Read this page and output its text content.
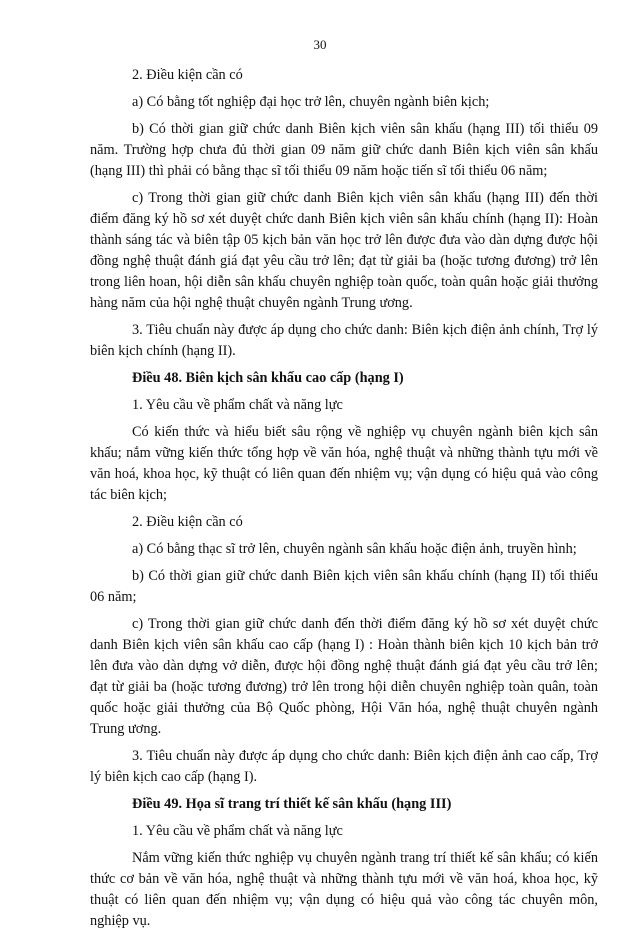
30

2. Điều kiện cần có

a) Có bằng tốt nghiệp đại học trở lên, chuyên ngành biên kịch;

b) Có thời gian giữ chức danh Biên kịch viên sân khấu (hạng III) tối thiểu 09 năm. Trường hợp chưa đủ thời gian 09 năm giữ chức danh Biên kịch viên sân khấu (hạng III) thì phải có bằng thạc sĩ tối thiểu 09 năm hoặc tiến sĩ tối thiểu 06 năm;

c) Trong thời gian giữ chức danh Biên kịch viên sân khấu (hạng III) đến thời điểm đăng ký hồ sơ xét duyệt chức danh Biên kịch viên sân khấu chính (hạng II): Hoàn thành sáng tác và biên tập 05 kịch bản văn học trở lên được đưa vào dàn dựng được hội đồng nghệ thuật đánh giá đạt yêu cầu trở lên; đạt từ giải ba (hoặc tương đương) trở lên trong liên hoan, hội diễn sân khấu chuyên nghiệp toàn quốc, toàn quân hoặc giải thưởng hàng năm của hội nghệ thuật chuyên ngành Trung ương.

3. Tiêu chuẩn này được áp dụng cho chức danh: Biên kịch điện ảnh chính, Trợ lý biên kịch chính (hạng II).

Điều 48. Biên kịch sân khấu cao cấp (hạng I)

1. Yêu cầu về phẩm chất và năng lực

Có kiến thức và hiểu biết sâu rộng về nghiệp vụ chuyên ngành biên kịch sân khấu; nắm vững kiến thức tổng hợp về văn hóa, nghệ thuật và những thành tựu mới về văn hoá, khoa học, kỹ thuật có liên quan đến nhiệm vụ; vận dụng có hiệu quả vào công tác biên kịch;

2. Điều kiện cần có

a) Có bằng thạc sĩ trở lên, chuyên ngành sân khấu hoặc điện ảnh, truyền hình;

b) Có thời gian giữ chức danh Biên kịch viên sân khấu chính (hạng II) tối thiểu 06 năm;

c) Trong thời gian giữ chức danh đến thời điểm đăng ký hồ sơ xét duyệt chức danh Biên kịch viên sân khấu cao cấp (hạng I) : Hoàn thành biên kịch 10 kịch bản trở lên đưa vào dàn dựng vở diễn, được hội đồng nghệ thuật đánh giá đạt yêu cầu trở lên; đạt từ giải ba (hoặc tương đương) trở lên trong hội diễn chuyên nghiệp toàn quân, toàn quốc hoặc giải thưởng của Bộ Quốc phòng, Hội Văn hóa, nghệ thuật chuyên ngành Trung ương.

3. Tiêu chuẩn này được áp dụng cho chức danh: Biên kịch điện ảnh cao cấp, Trợ lý biên kịch cao cấp (hạng I).

Điều 49. Họa sĩ trang trí thiết kế sân khấu (hạng III)

1. Yêu cầu về phẩm chất và năng lực

Nắm vững kiến thức nghiệp vụ chuyên ngành trang trí thiết kế sân khấu; có kiến thức cơ bản về văn hóa, nghệ thuật và những thành tựu mới về văn hoá, khoa học, kỹ thuật có liên quan đến nhiệm vụ; vận dụng có hiệu quả vào công tác chuyên môn, nghiệp vụ.
